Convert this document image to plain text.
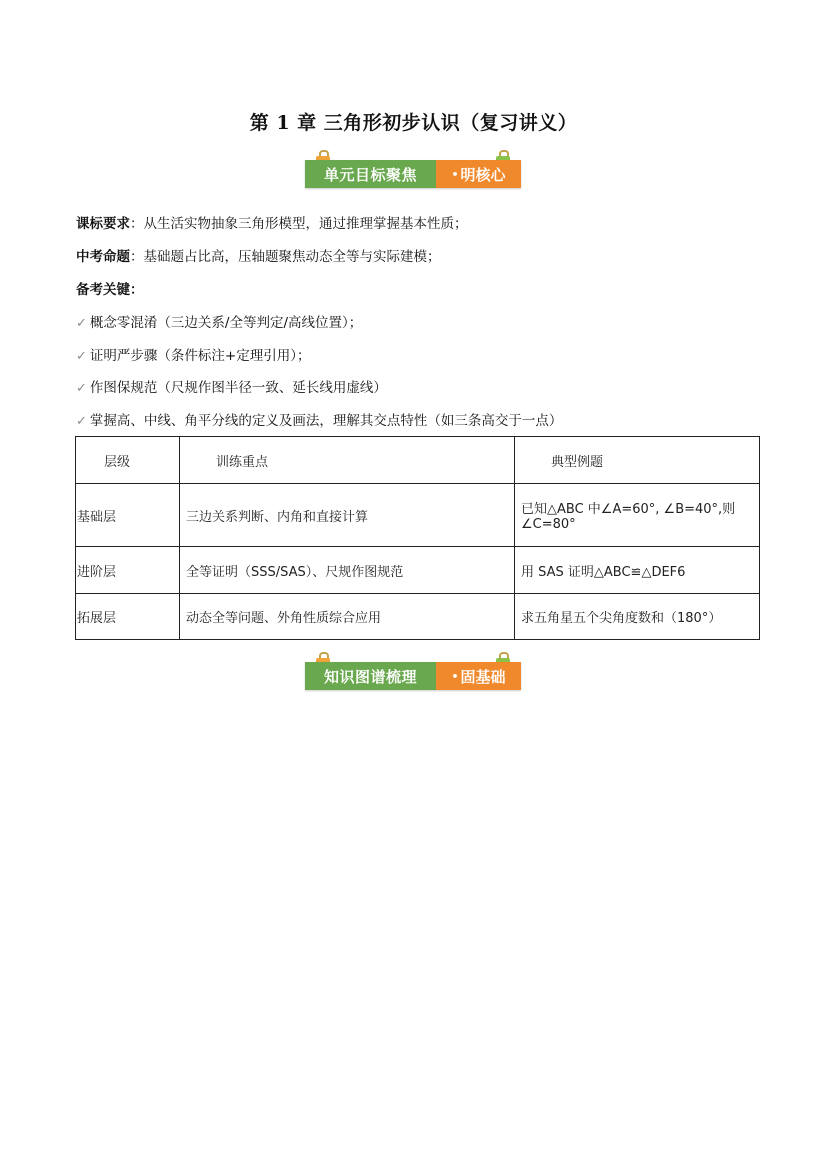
第 1 章 三角形初步认识（复习讲义）
单元目标聚焦	• 明核心
课标要求：从生活实物抽象三角形模型，通过推理掌握基本性质；
中考命题：基础题占比高，压轴题聚焦动态全等与实际建模；
备考关键：
✓ 概念零混淆（三边关系/全等判定/高线位置）；
✓ 证明严步骤（条件标注+定理引用）；
✓ 作图保规范（尺规作图半径一致、延长线用虚线）
✓ 掌握高、中线、角平分线的定义及画法，理解其交点特性（如三条高交于一点）
层级	训练重点	典型例题
基础层	三边关系判断、内角和直接计算	已知△ABC 中∠A=60°, ∠B=40°,则∠C=80°
进阶层	全等证明（SSS/SAS）、尺规作图规范	用 SAS 证明△ABC≌△DEF6
拓展层	动态全等问题、外角性质综合应用	求五角星五个尖角度数和（180°）
知识图谱梳理	• 固基础
